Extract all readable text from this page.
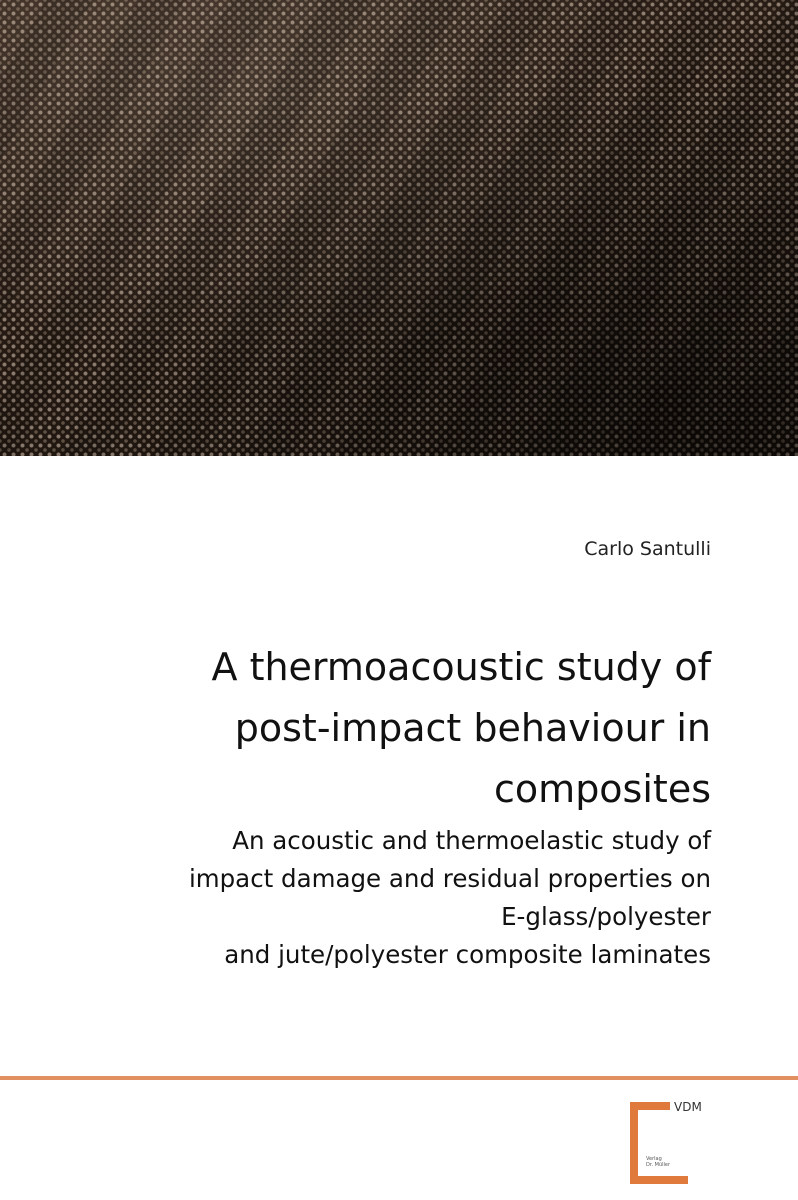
Carlo Santulli
A thermoacoustic study of
post-impact behaviour in
composites
An acoustic and thermoelastic study of
impact damage and residual properties on
E-glass/polyester
and jute/polyester composite laminates
VDM
Verlag
Dr. Müller
